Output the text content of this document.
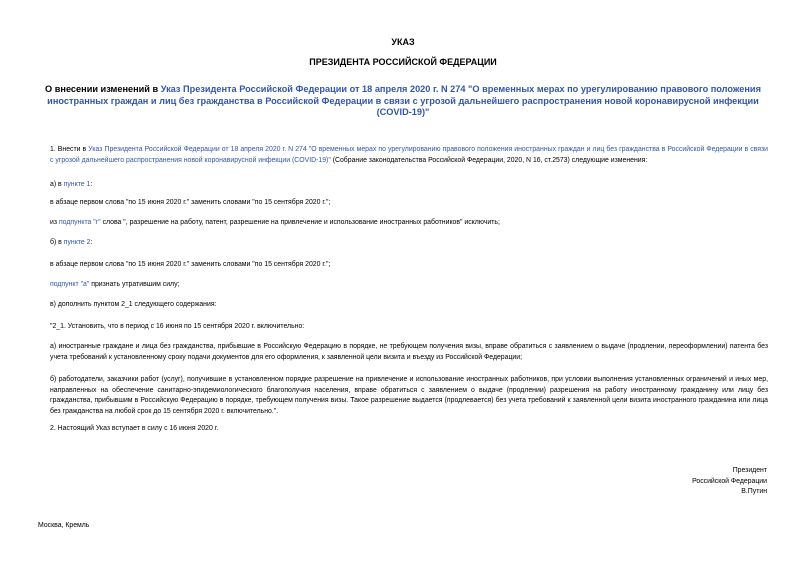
УКАЗ
ПРЕЗИДЕНТА РОССИЙСКОЙ ФЕДЕРАЦИИ
О внесении изменений в Указ Президента Российской Федерации от 18 апреля 2020 г. N 274 "О временных мерах по урегулированию правового положения иностранных граждан и лиц без гражданства в Российской Федерации в связи с угрозой дальнейшего распространения новой коронавирусной инфекции (COVID-19)"
1. Внести в Указ Президента Российской Федерации от 18 апреля 2020 г. N 274 "О временных мерах по урегулированию правового положения иностранных граждан и лиц без гражданства в Российской Федерации в связи с угрозой дальнейшего распространения новой коронавирусной инфекции (COVID-19)" (Собрание законодательства Российской Федерации, 2020, N 16, ст.2573) следующие изменения:
а) в пункте 1:
в абзаце первом слова "по 15 июня 2020 г." заменить словами "по 15 сентября 2020 г.";
из подпункта "г" слова ", разрешение на работу, патент, разрешение на привлечение и использование иностранных работников" исключить;
б) в пункте 2:
в абзаце первом слова "по 15 июня 2020 г." заменить словами "по 15 сентября 2020 г.";
подпункт "а" признать утратившим силу;
в) дополнить пунктом 2_1 следующего содержания:
"2_1. Установить, что в период с 16 июня по 15 сентября 2020 г. включительно:
а) иностранные граждане и лица без гражданства, прибывшие в Российскую Федерацию в порядке, не требующем получения визы, вправе обратиться с заявлением о выдаче (продлении, переоформлении) патента без учета требований к установленному сроку подачи документов для его оформления, к заявленной цели визита и въезду из Российской Федерации;
б) работодатели, заказчики работ (услуг), получившие в установленном порядке разрешение на привлечение и использование иностранных работников, при условии выполнения установленных ограничений и иных мер, направленных на обеспечение санитарно-эпидемиологического благополучия населения, вправе обратиться с заявлением о выдаче (продлении) разрешения на работу иностранному гражданину или лицу без гражданства, прибывшим в Российскую Федерацию в порядке, требующем получения визы. Такое разрешение выдается (продлевается) без учета требований к заявленной цели визита иностранного гражданина или лица без гражданства на любой срок до 15 сентября 2020 г. включительно.".
2. Настоящий Указ вступает в силу с 16 июня 2020 г.
Президент
Российской Федерации
В.Путин
Москва, Кремль
